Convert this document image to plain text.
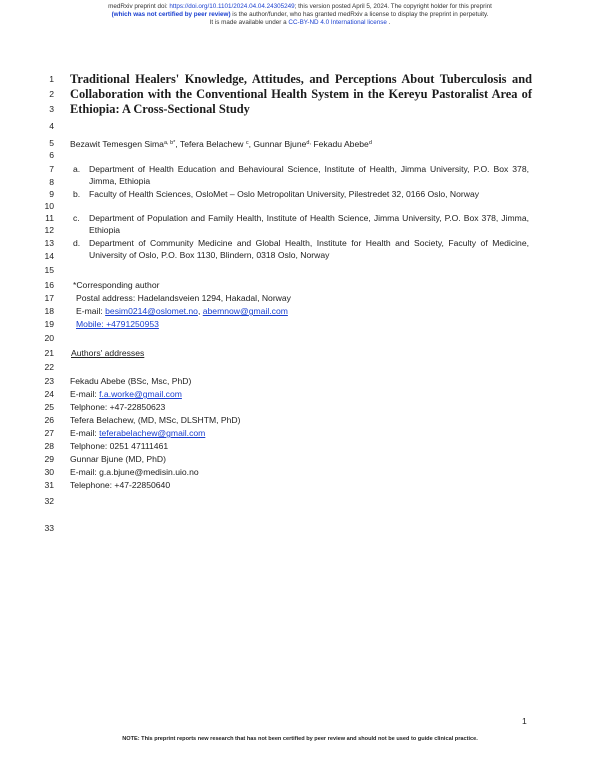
medRxiv preprint doi: https://doi.org/10.1101/2024.04.04.24305249; this version posted April 5, 2024. The copyright holder for this preprint
(which was not certified by peer review) is the author/funder, who has granted medRxiv a license to display the preprint in perpetuity.
It is made available under a CC-BY-ND 4.0 International license .
1
2
3
4
5
6
7
8
9
10
11
12
13
14
15
16
17
18
19
20
21
22
23
24
25
26
27
28
29
30
31
32
33
Traditional Healers' Knowledge, Attitudes, and Perceptions About Tuberculosis and Collaboration with the Conventional Health System in the Kereyu Pastoralist Area of Ethiopia: A Cross-Sectional Study
Bezawit Temesgen Sima$^{a, b*}$, Tefera Belachew $^c$, Gunnar Bjune$^{d,}$ Fekadu Abebe$^d$
a. Department of Health Education and Behavioural Science, Institute of Health, Jimma University, P.O. Box 378, Jimma, Ethiopia
b. Faculty of Health Sciences, OsloMet – Oslo Metropolitan University, Pilestredet 32, 0166 Oslo, Norway
c. Department of Population and Family Health, Institute of Health Science, Jimma University, P.O. Box 378, Jimma, Ethiopia
d. Department of Community Medicine and Global Health, Institute for Health and Society, Faculty of Medicine, University of Oslo, P.O. Box 1130, Blindern, 0318 Oslo, Norway
*Corresponding author
Postal address: Hadelandsveien 1294, Hakadal, Norway
E-mail: besim0214@oslomet.no, abemnow@gmail.com
Mobile: +4791250953
Authors' addresses
Fekadu Abebe (BSc, Msc, PhD)
E-mail: f.a.worke@gmail.com
Telphone: +47-22850623
Tefera Belachew, (MD, MSc, DLSHTM, PhD)
E-mail: teferabelachew@gmail.com
Telphone: 0251 47111461
Gunnar Bjune (MD, PhD)
E-mail: g.a.bjune@medisin.uio.no
Telephone: +47-22850640
1
NOTE: This preprint reports new research that has not been certified by peer review and should not be used to guide clinical practice.
